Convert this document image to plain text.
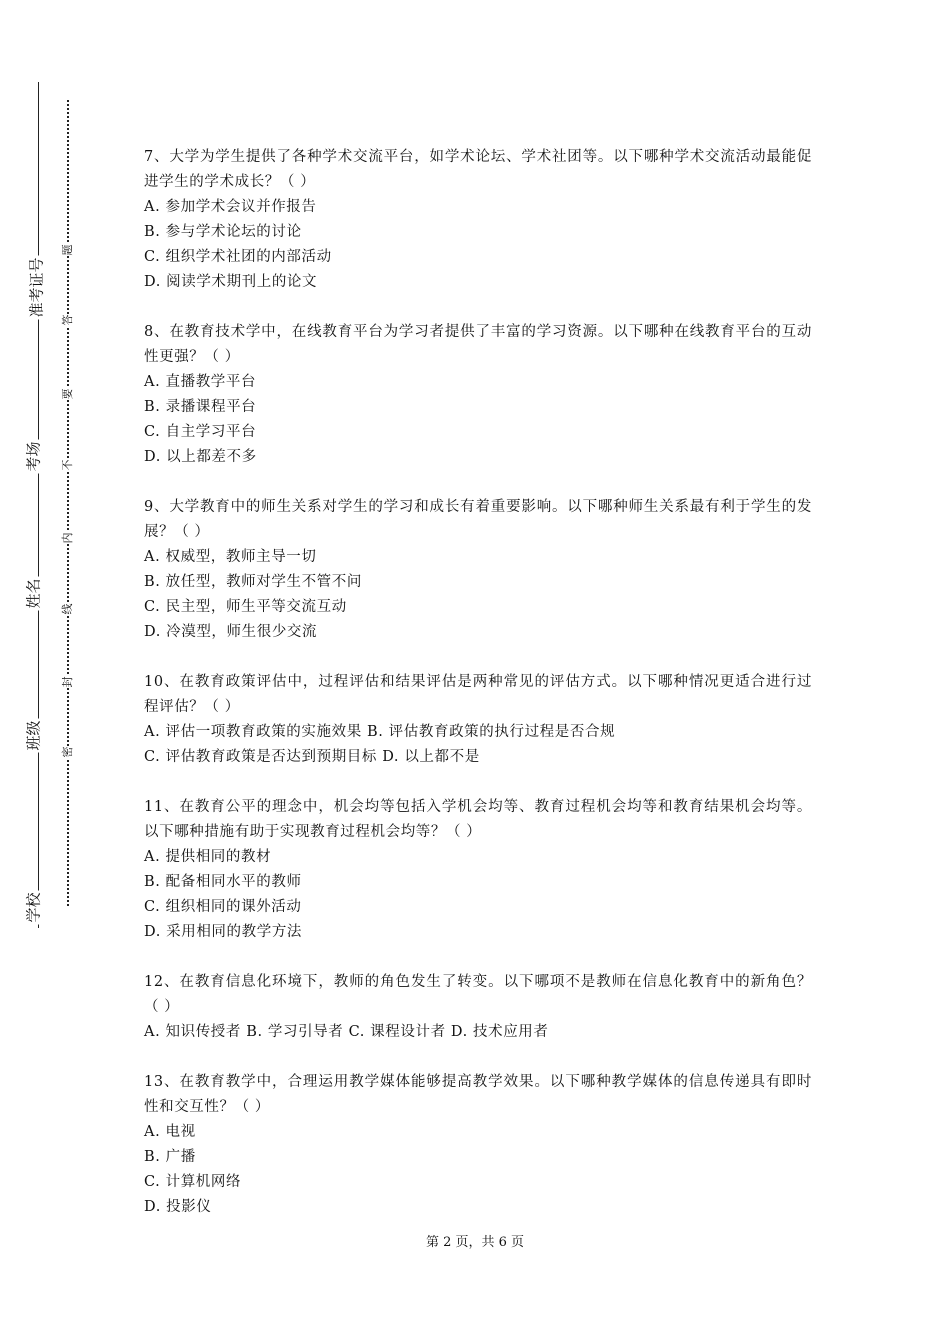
准考证号
考场
姓名
班级
学校
题
答
要
不
内
线
封
密

7、大学为学生提供了各种学术交流平台，如学术论坛、学术社团等。以下哪种学术交流活动最能促进学生的学术成长？（ ）

A. 参加学术会议并作报告

B. 参与学术论坛的讨论

C. 组织学术社团的内部活动

D. 阅读学术期刊上的论文

8、在教育技术学中，在线教育平台为学习者提供了丰富的学习资源。以下哪种在线教育平台的互动性更强？（ ）

A. 直播教学平台

B. 录播课程平台

C. 自主学习平台

D. 以上都差不多

9、大学教育中的师生关系对学生的学习和成长有着重要影响。以下哪种师生关系最有利于学生的发展？（ ）

A. 权威型，教师主导一切

B. 放任型，教师对学生不管不问

C. 民主型，师生平等交流互动

D. 冷漠型，师生很少交流

10、在教育政策评估中，过程评估和结果评估是两种常见的评估方式。以下哪种情况更适合进行过程评估？（ ）

A. 评估一项教育政策的实施效果 B. 评估教育政策的执行过程是否合规

C. 评估教育政策是否达到预期目标 D. 以上都不是

11、在教育公平的理念中，机会均等包括入学机会均等、教育过程机会均等和教育结果机会均等。以下哪种措施有助于实现教育过程机会均等？（ ）

A. 提供相同的教材

B. 配备相同水平的教师

C. 组织相同的课外活动

D. 采用相同的教学方法

12、在教育信息化环境下，教师的角色发生了转变。以下哪项不是教师在信息化教育中的新角色？（ ）

A. 知识传授者 B. 学习引导者 C. 课程设计者 D. 技术应用者

13、在教育教学中，合理运用教学媒体能够提高教学效果。以下哪种教学媒体的信息传递具有即时性和交互性？（ ）

A. 电视

B. 广播

C. 计算机网络

D. 投影仪

第 2 页，共 6 页
